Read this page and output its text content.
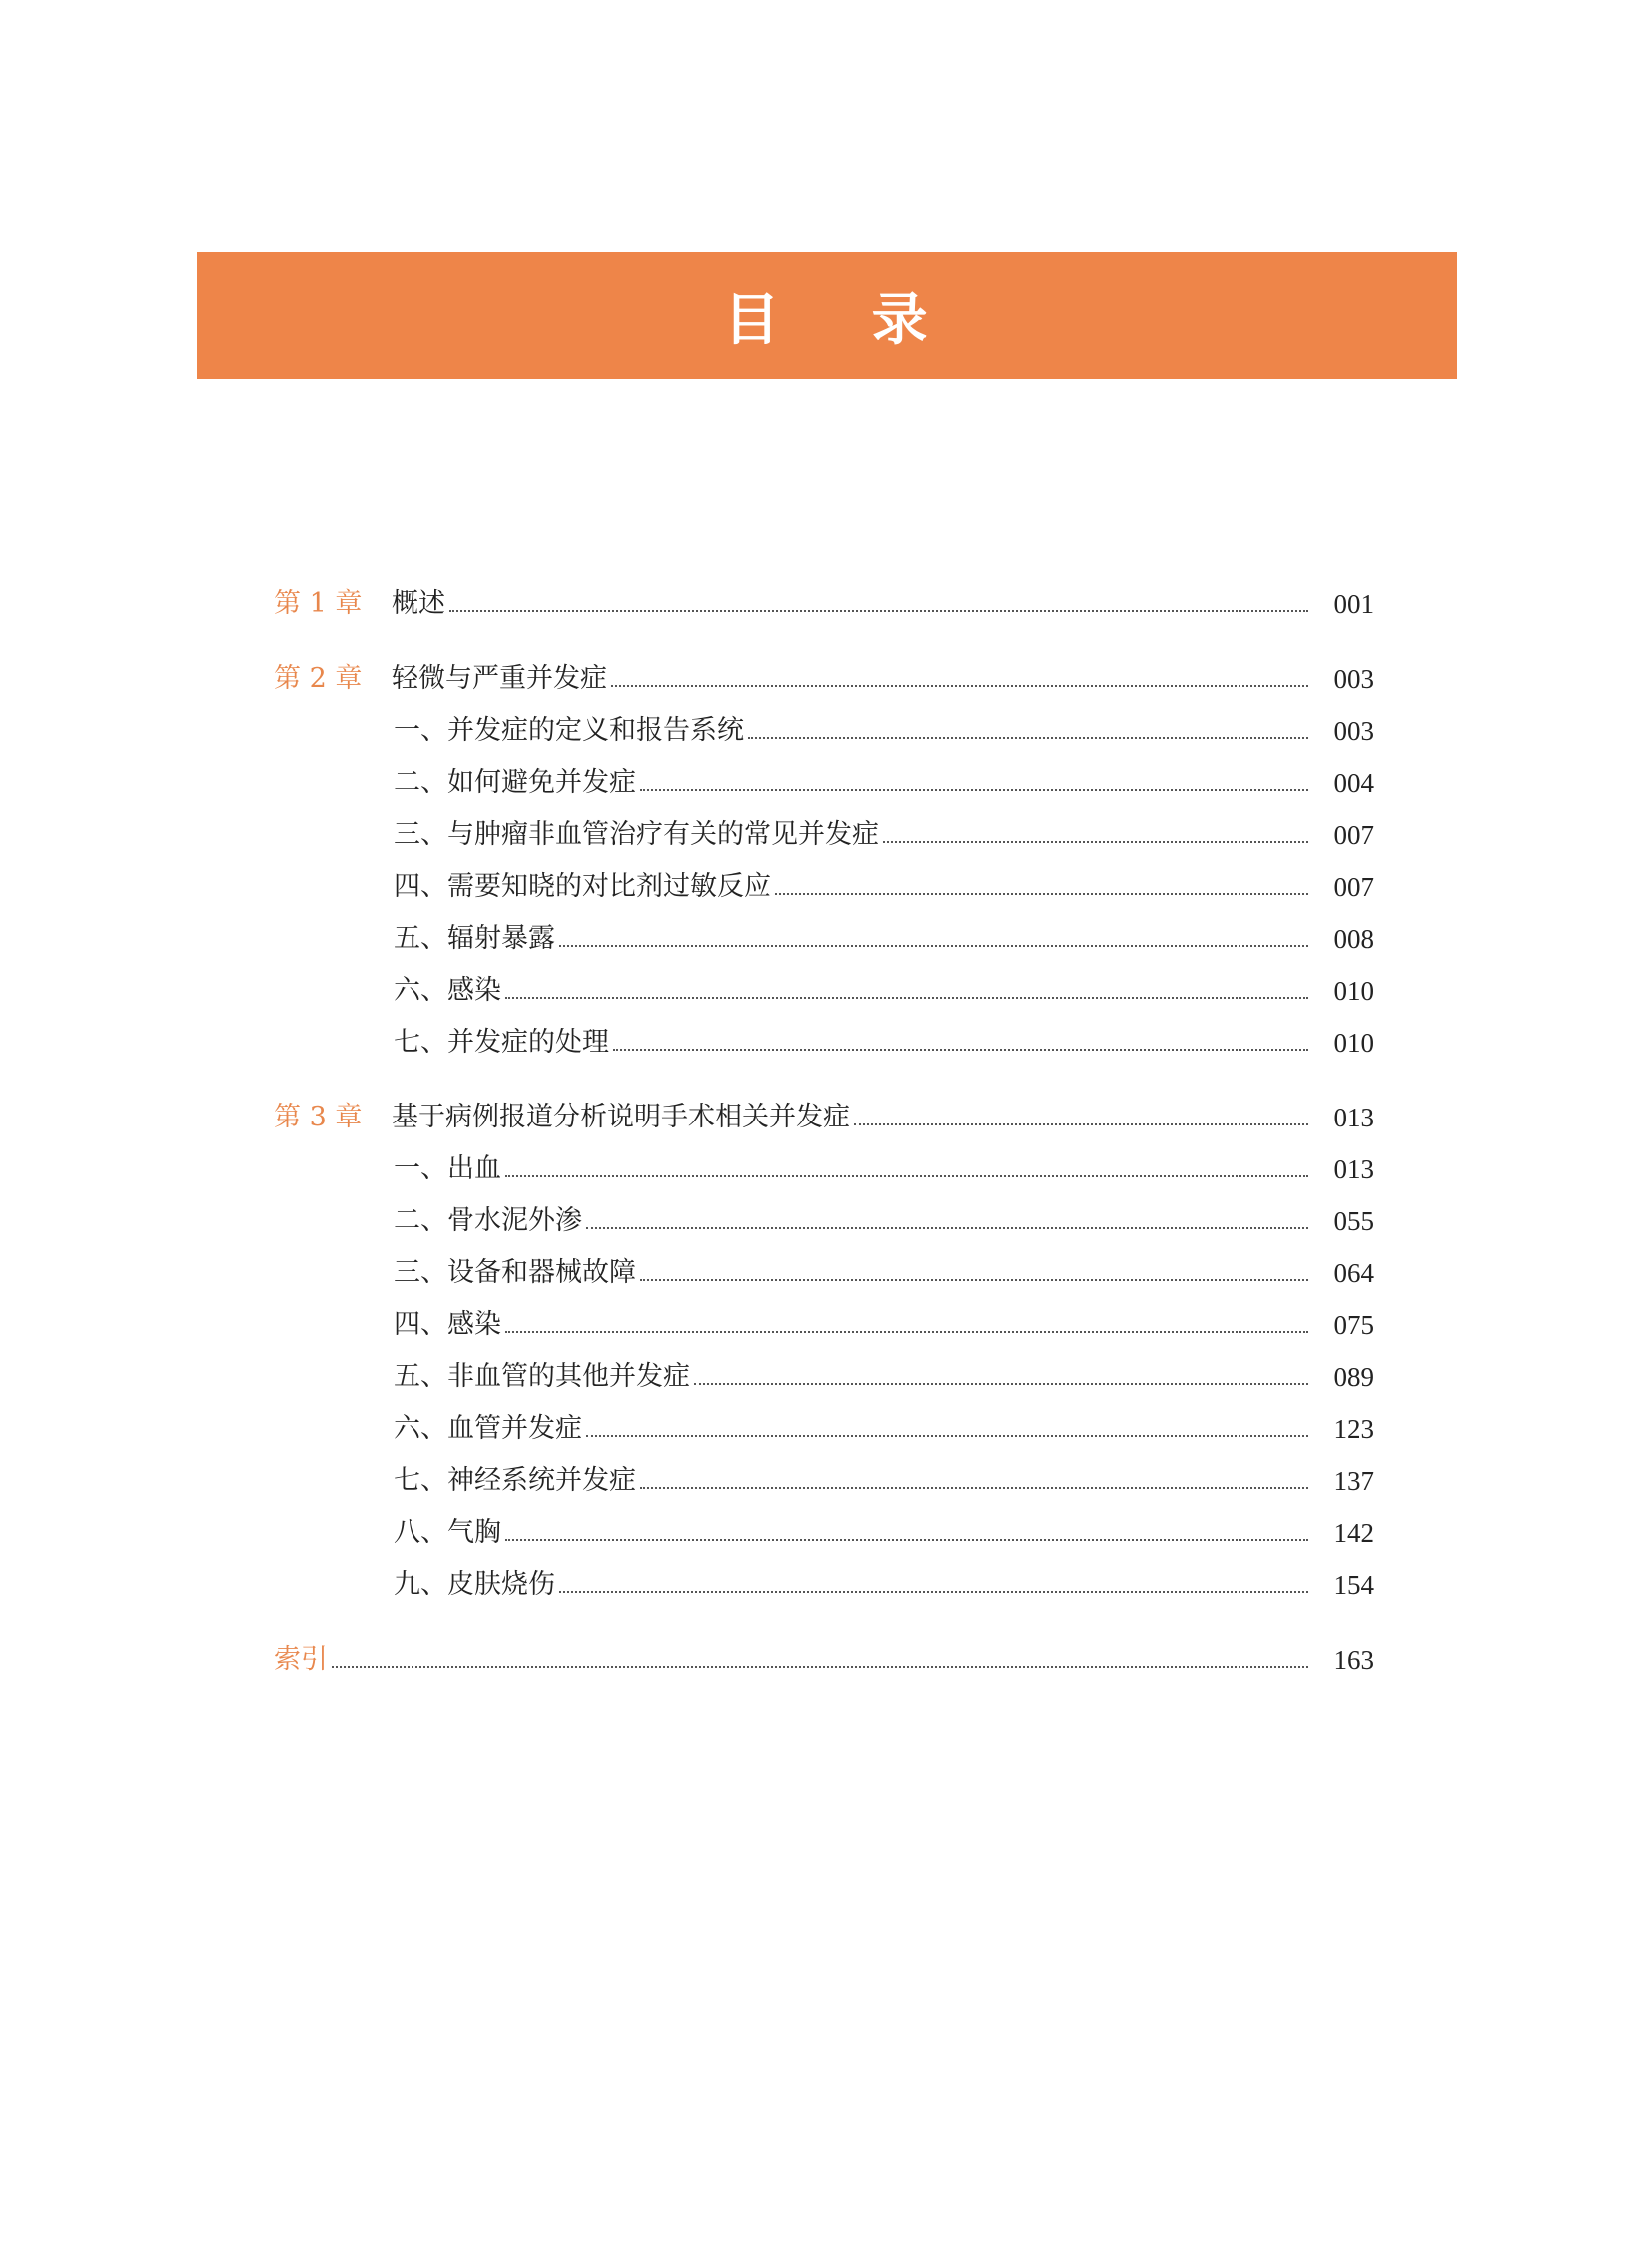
目    录
第 1 章	概述	001
第 2 章	轻微与严重并发症	003
一、并发症的定义和报告系统	003
二、如何避免并发症	004
三、与肿瘤非血管治疗有关的常见并发症	007
四、需要知晓的对比剂过敏反应	007
五、辐射暴露	008
六、感染	010
七、并发症的处理	010
第 3 章	基于病例报道分析说明手术相关并发症	013
一、出血	013
二、骨水泥外渗	055
三、设备和器械故障	064
四、感染	075
五、非血管的其他并发症	089
六、血管并发症	123
七、神经系统并发症	137
八、气胸	142
九、皮肤烧伤	154
索引	163
